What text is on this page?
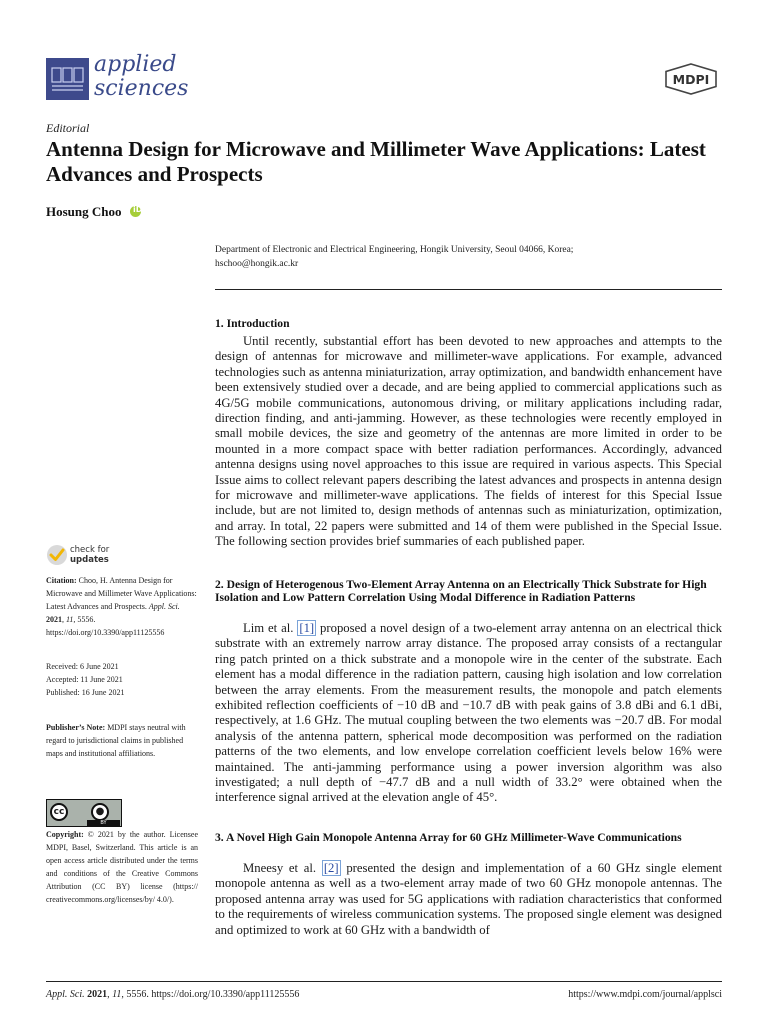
applied
sciences	MDPI
Editorial
Antenna Design for Microwave and Millimeter Wave Applications: Latest Advances and Prospects
Hosung Choo iD
Department of Electronic and Electrical Engineering, Hongik University, Seoul 04066, Korea;
hschoo@hongik.ac.kr
1. Introduction

Until recently, substantial effort has been devoted to new approaches and attempts to the design of antennas for microwave and millimeter-wave applications. For example, advanced technologies such as antenna miniaturization, array optimization, and bandwidth enhancement have been extensively studied over a decade, and are being applied to commercial applications such as 4G/5G mobile communications, autonomous driving, or military applications including radar, direction finding, and anti-jamming. However, as these technologies were recently employed in small mobile devices, the size and geometry of the antennas are more limited in order to be mounted in a more compact space with better radiation performances. Accordingly, advanced antenna designs using novel approaches to this issue are required in various aspects. This Special Issue aims to collect relevant papers describing the latest advances and prospects in antenna design for microwave and millimeter-wave applications. The fields of interest for this Special Issue include, but are not limited to, design methods of antennas such as miniaturization, optimization, and array. In total, 22 papers were submitted and 14 of them were published in the Special Issue. The following section provides brief summaries of each published paper.

2. Design of Heterogenous Two-Element Array Antenna on an Electrically Thick Substrate for High Isolation and Low Pattern Correlation Using Modal Difference in Radiation Patterns

Lim et al. [1] proposed a novel design of a two-element array antenna on an electrical thick substrate with an extremely narrow array distance. The proposed array consists of a rectangular ring patch printed on a thick substrate and a monopole wire in the center of the substrate. Each element has a modal difference in the radiation pattern, causing high isolation and low correlation between the array elements. From the measurement results, the monopole and patch elements exhibited reflection coefficients of −10 dB and −10.7 dB with peak gains of 3.8 dBi and 6.1 dBi, respectively, at 1.6 GHz. The mutual coupling between the two elements was −20.7 dB. For modal analysis of the antenna pattern, spherical mode decomposition was performed on the radiation patterns of the two elements, and low envelope correlation coefficient levels below 16% were maintained. The anti-jamming performance using a power inversion algorithm was also investigated; a null depth of −47.7 dB and a null width of 33.2° were obtained when the interference signal arrived at the elevation angle of 45°.

3. A Novel High Gain Monopole Antenna Array for 60 GHz Millimeter-Wave Communications

Mneesy et al. [2] presented the design and implementation of a 60 GHz single element monopole antenna as well as a two-element array made of two 60 GHz monopole antennas. The proposed antenna array was used for 5G applications with radiation characteristics that conformed to the requirements of wireless communication systems. The proposed single element was designed and optimized to work at 60 GHz with a bandwidth of

check for
updates
Citation: Choo, H. Antenna Design for Microwave and Millimeter Wave Applications: Latest Advances and Prospects. Appl. Sci. 2021, 11, 5556. https://doi.org/10.3390/app11125556
Received: 6 June 2021
Accepted: 11 June 2021
Published: 16 June 2021
Publisher’s Note: MDPI stays neutral with regard to jurisdictional claims in published maps and institutional affiliations.
cc	●
BY
Copyright: © 2021 by the author. Licensee MDPI, Basel, Switzerland. This article is an open access article distributed under the terms and conditions of the Creative Commons Attribution (CC BY) license (https:// creativecommons.org/licenses/by/ 4.0/).
Appl. Sci. 2021, 11, 5556. https://doi.org/10.3390/app11125556	https://www.mdpi.com/journal/applsci
